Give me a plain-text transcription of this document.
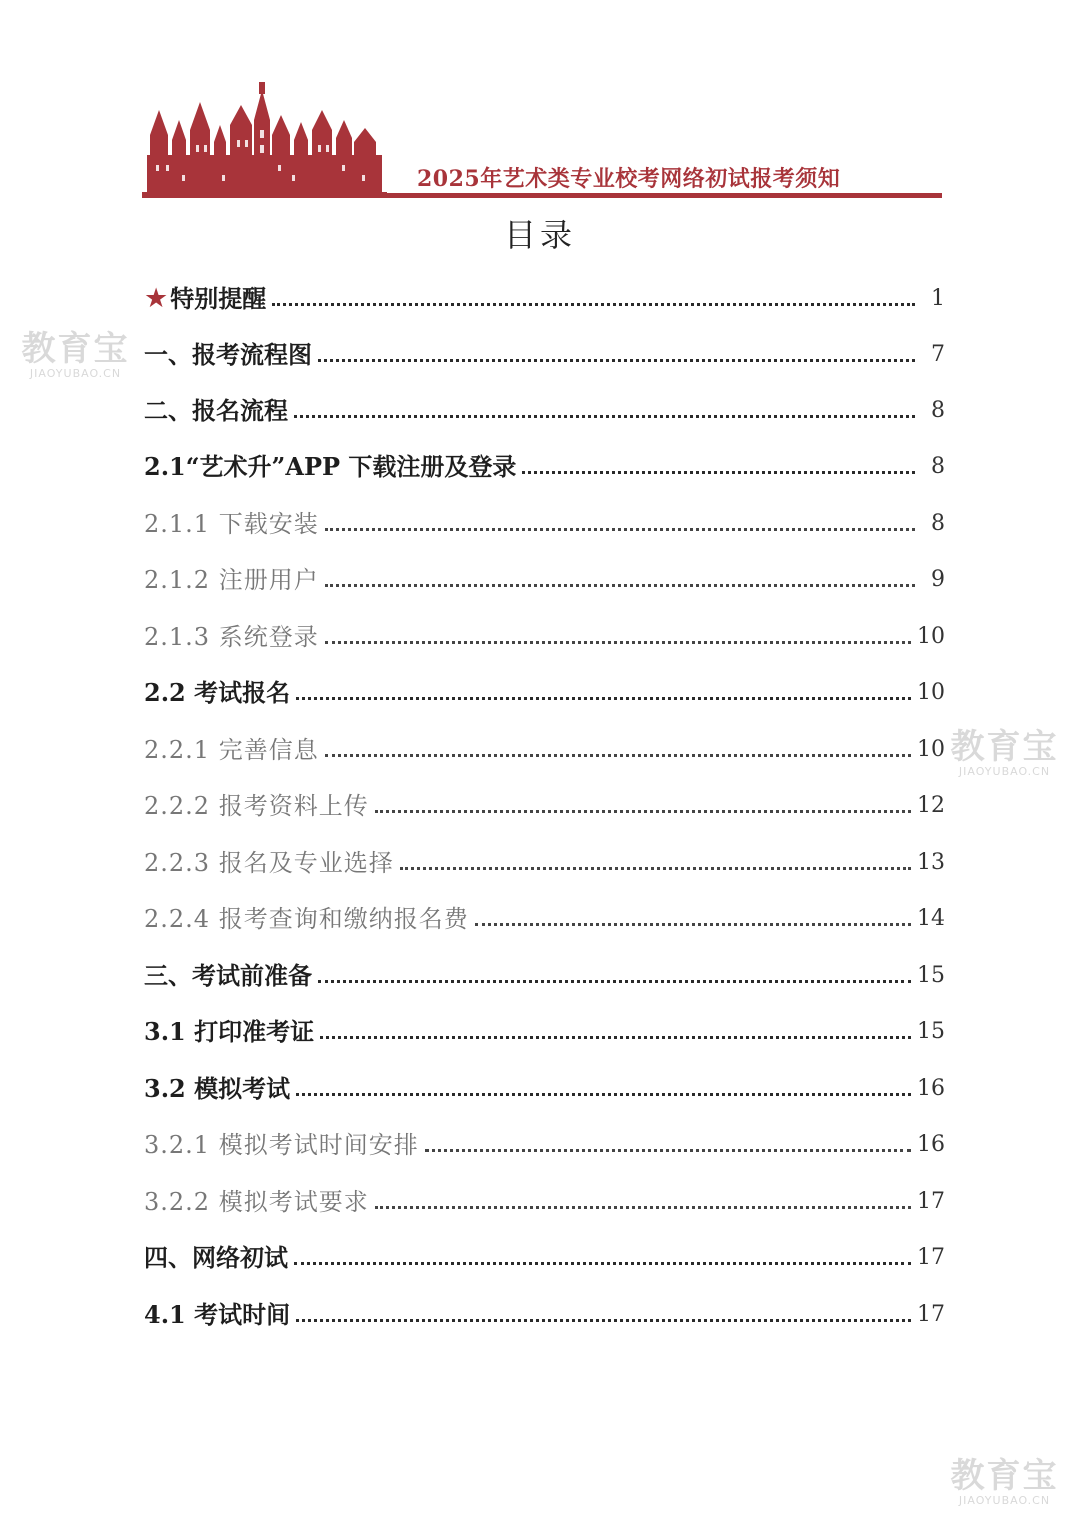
2025年艺术类专业校考网络初试报考须知
目录
★ 特别提醒	1
一、报考流程图	7
二、报名流程	8
2.1“艺术升”APP 下载注册及登录	8
2.1.1 下载安装	8
2.1.2 注册用户	9
2.1.3 系统登录	10
2.2 考试报名	10
2.2.1 完善信息	10
2.2.2 报考资料上传	12
2.2.3 报名及专业选择	13
2.2.4 报考查询和缴纳报名费	14
三、考试前准备	15
3.1 打印准考证	15
3.2 模拟考试	16
3.2.1 模拟考试时间安排	16
3.2.2 模拟考试要求	17
四、网络初试	17
4.1 考试时间	17
教育宝
JIAOYUBAO.CN
教育宝
JIAOYUBAO.CN
教育宝
JIAOYUBAO.CN
